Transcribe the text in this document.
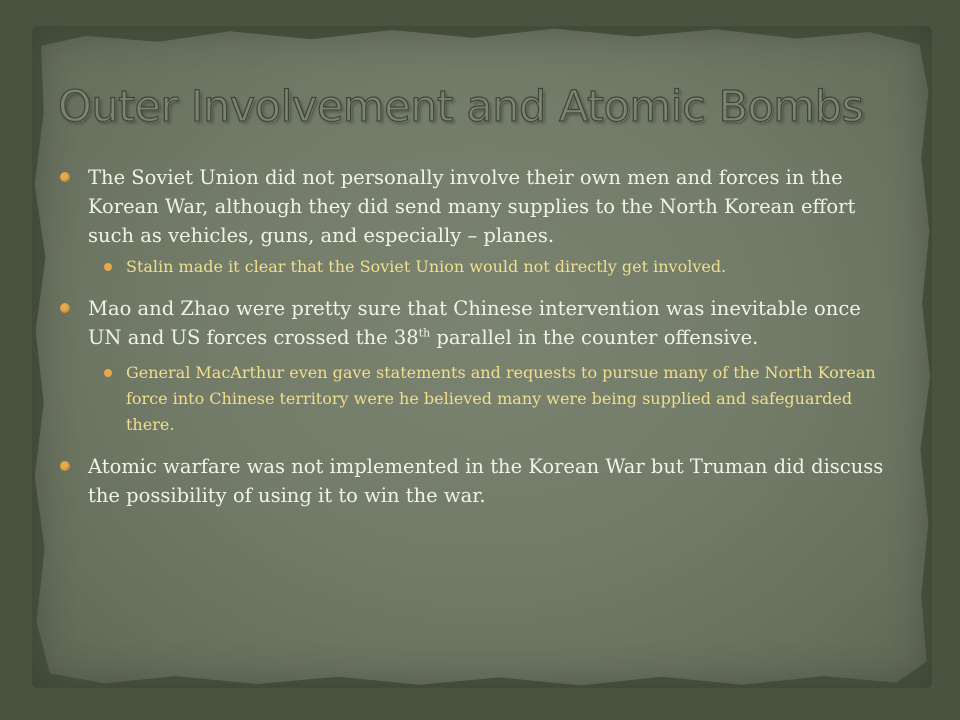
Outer Involvement and Atomic Bombs
The Soviet Union did not personally involve their own men and forces in the Korean War, although they did send many supplies to the North Korean effort such as vehicles, guns, and especially – planes.
Stalin made it clear that the Soviet Union would not directly get involved.
Mao and Zhao were pretty sure that Chinese intervention was inevitable once UN and US forces crossed the 38th parallel in the counter offensive.
General MacArthur even gave statements and requests to pursue many of the North Korean force into Chinese territory were he believed many were being supplied and safeguarded there.
Atomic warfare was not implemented in the Korean War but Truman did discuss the possibility of using it to win the war.
